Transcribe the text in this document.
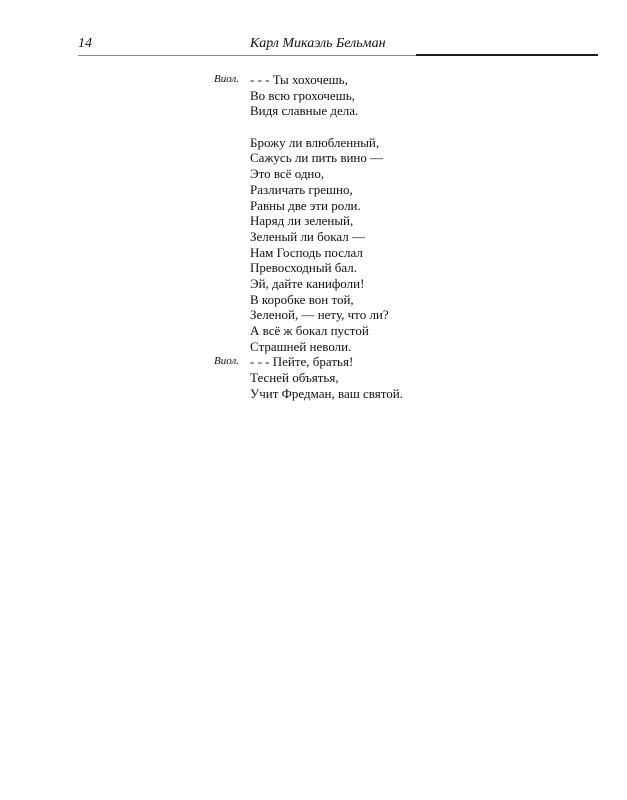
14	Карл Микаэль Бельман
Виол. - - - Ты хохочешь,
Во всю грохочешь,
Видя славные дела.
Брожу ли влюбленный,
Сажусь ли пить вино —
Это всё одно,
Различать грешно,
Равны две эти роли.
Наряд ли зеленый,
Зеленый ли бокал —
Нам Господь послал
Превосходный бал.
Эй, дайте канифоли!
В коробке вон той,
Зеленой, — нету, что ли?
А всё ж бокал пустой
Страшней неволи.
Виол. - - - Пейте, братья!
Тесней объятья,
Учит Фредман, ваш святой.
